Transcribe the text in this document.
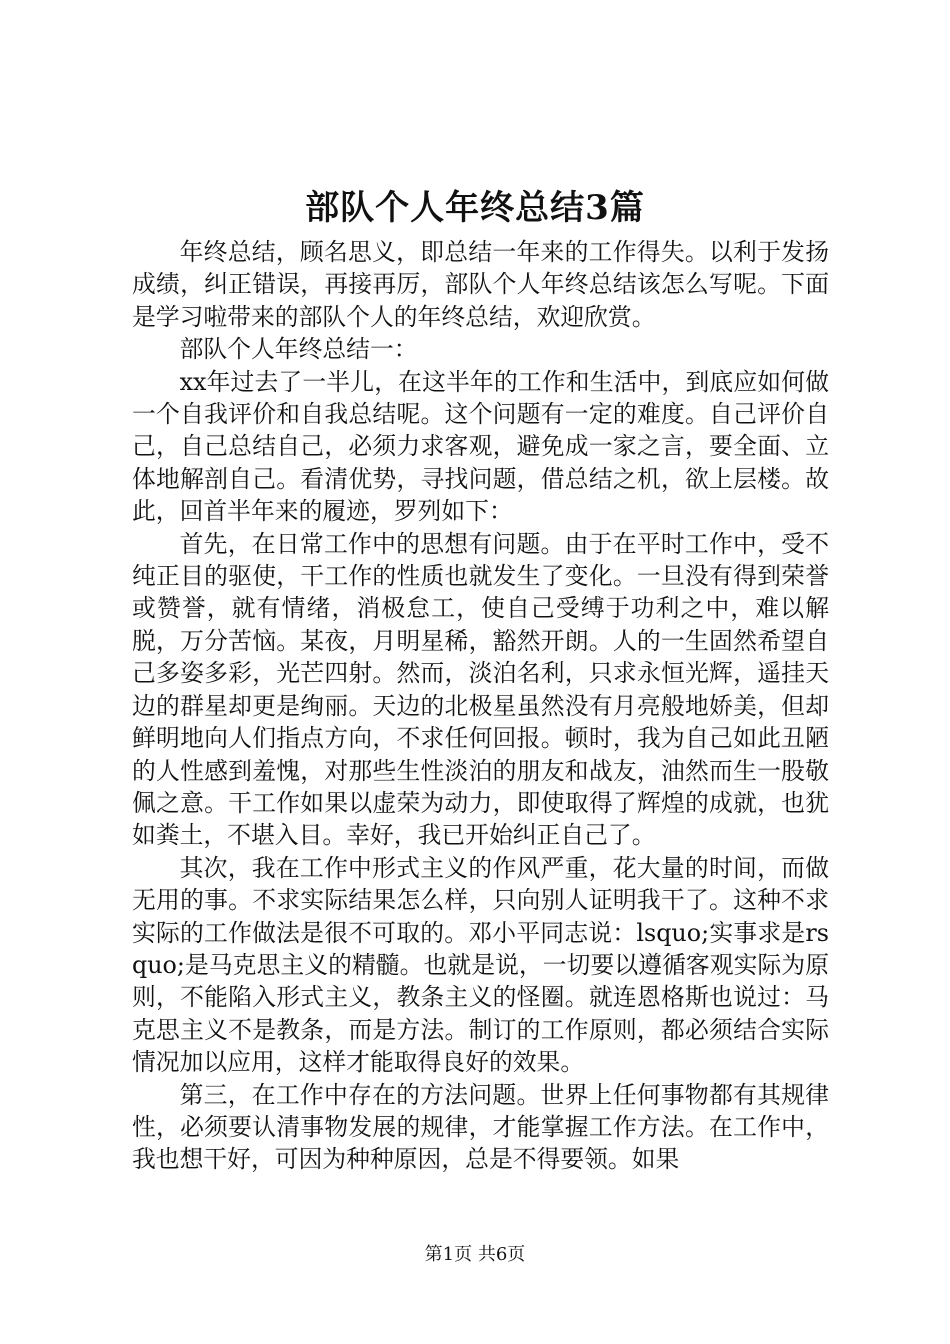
部队个人年终总结3篇

年终总结，顾名思义，即总结一年来的工作得失。以利于发扬成绩，纠正错误，再接再厉，部队个人年终总结该怎么写呢。下面是学习啦带来的部队个人的年终总结，欢迎欣赏。

部队个人年终总结一：

xx年过去了一半儿，在这半年的工作和生活中，到底应如何做一个自我评价和自我总结呢。这个问题有一定的难度。自己评价自己，自己总结自己，必须力求客观，避免成一家之言，要全面、立体地解剖自己。看清优势，寻找问题，借总结之机，欲上层楼。故此，回首半年来的履迹，罗列如下：

首先，在日常工作中的思想有问题。由于在平时工作中，受不纯正目的驱使，干工作的性质也就发生了变化。一旦没有得到荣誉或赞誉，就有情绪，消极怠工，使自己受缚于功利之中，难以解脱，万分苦恼。某夜，月明星稀，豁然开朗。人的一生固然希望自己多姿多彩，光芒四射。然而，淡泊名利，只求永恒光辉，遥挂天边的群星却更是绚丽。天边的北极星虽然没有月亮般地娇美，但却鲜明地向人们指点方向，不求任何回报。顿时，我为自己如此丑陋的人性感到羞愧，对那些生性淡泊的朋友和战友，油然而生一股敬佩之意。干工作如果以虚荣为动力，即使取得了辉煌的成就，也犹如粪土，不堪入目。幸好，我已开始纠正自己了。

其次，我在工作中形式主义的作风严重，花大量的时间，而做无用的事。不求实际结果怎么样，只向别人证明我干了。这种不求实际的工作做法是很不可取的。邓小平同志说：lsquo;实事求是rsquo;是马克思主义的精髓。也就是说，一切要以遵循客观实际为原则，不能陷入形式主义，教条主义的怪圈。就连恩格斯也说过：马克思主义不是教条，而是方法。制订的工作原则，都必须结合实际情况加以应用，这样才能取得良好的效果。

第三，在工作中存在的方法问题。世界上任何事物都有其规律性，必须要认清事物发展的规律，才能掌握工作方法。在工作中，我也想干好，可因为种种原因，总是不得要领。如果

第1页 共6页
